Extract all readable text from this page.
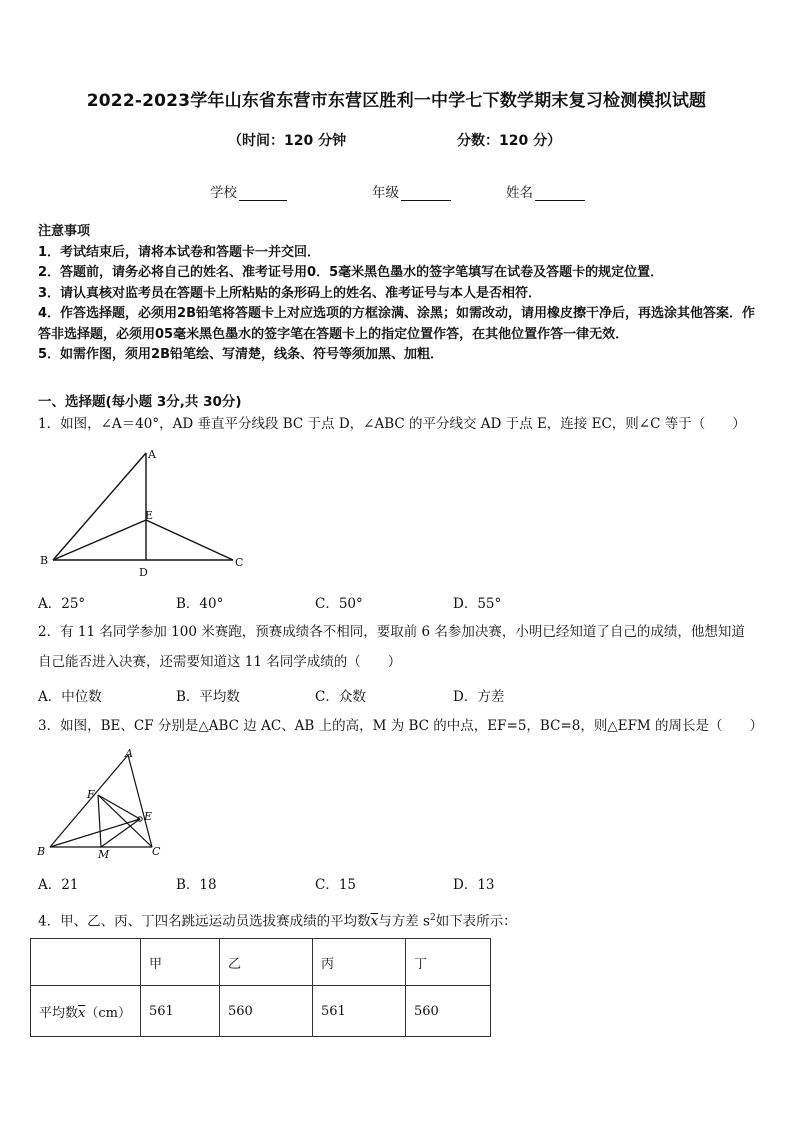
2022-2023学年山东省东营市东营区胜利一中学七下数学期末复习检测模拟试题
（时间：120 分钟	分数：120 分）
学校	年级	姓名

注意事项

1．考试结束后，请将本试卷和答题卡一并交回．

2．答题前，请务必将自己的姓名、准考证号用0．5毫米黑色墨水的签字笔填写在试卷及答题卡的规定位置．

3．请认真核对监考员在答题卡上所粘贴的条形码上的姓名、准考证号与本人是否相符．

4．作答选择题，必须用2B铅笔将答题卡上对应选项的方框涂满、涂黑；如需改动，请用橡皮擦干净后，再选涂其他答案．作答非选择题，必须用05毫米黑色墨水的签字笔在答题卡上的指定位置作答，在其他位置作答一律无效．

5．如需作图，须用2B铅笔绘、写清楚，线条、符号等须加黑、加粗．

一、选择题(每小题 3分,共 30分)

1．如图，∠A＝40°，AD 垂直平分线段 BC 于点 D，∠ABC 的平分线交 AD 于点 E，连接 EC，则∠C 等于（　　）

A
E
B
D
C
A．25°	B．40°	C．50°	D．55°

2．有 11 名同学参加 100 米赛跑，预赛成绩各不相同，要取前 6 名参加决赛，小明已经知道了自己的成绩，他想知道自己能否进入决赛，还需要知道这 11 名同学成绩的（　　）

A．中位数	B．平均数	C．众数	D．方差

3．如图，BE、CF 分别是△ABC 边 AC、AB 上的高，M 为 BC 的中点，EF=5，BC=8，则△EFM 的周长是（　　）

A
F
E
B	M	C
A．21	B．18	C．15	D．13

4．甲、乙、丙、丁四名跳远运动员选拔赛成绩的平均数$\overline{x}$与方差 $s^2$如下表所示：

	甲	乙	丙	丁
平均数$\overline{x}(cm)$	561	560	561	560
